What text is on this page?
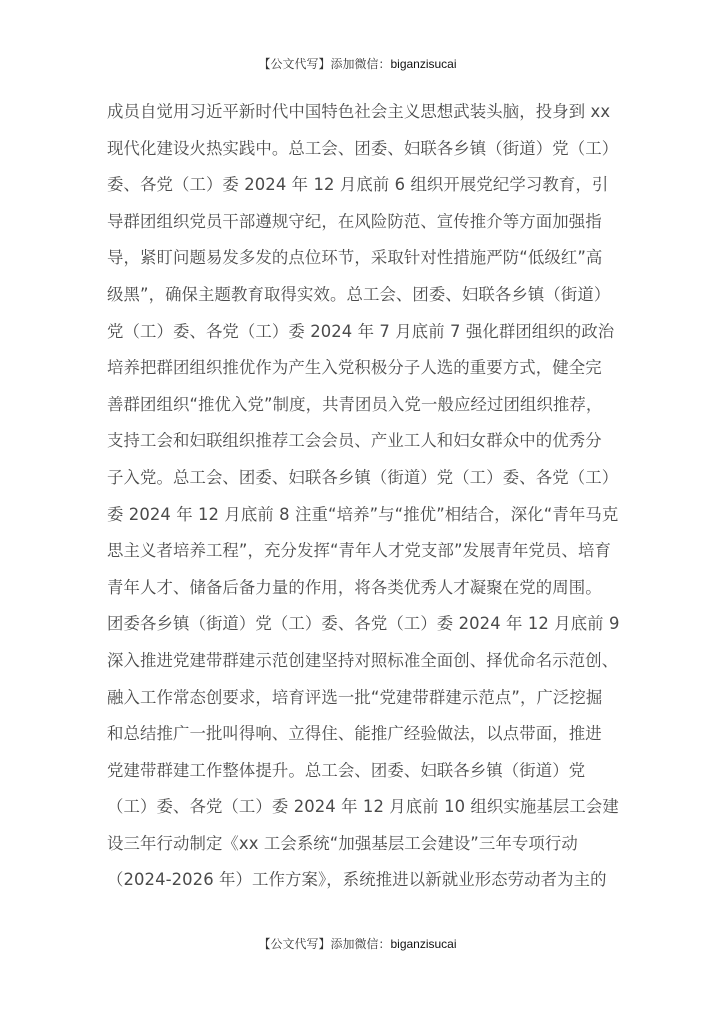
【公文代写】添加微信：biganzisucai
成员自觉用习近平新时代中国特色社会主义思想武装头脑，投身到 xx
现代化建设火热实践中。总工会、团委、妇联各乡镇（街道）党（工）
委、各党（工）委 2024 年 12 月底前 6 组织开展党纪学习教育，引
导群团组织党员干部遵规守纪，在风险防范、宣传推介等方面加强指
导，紧盯问题易发多发的点位环节，采取针对性措施严防“低级红”高
级黑”，确保主题教育取得实效。总工会、团委、妇联各乡镇（街道）
党（工）委、各党（工）委 2024 年 7 月底前 7 强化群团组织的政治
培养把群团组织推优作为产生入党积极分子人选的重要方式，健全完
善群团组织“推优入党”制度，共青团员入党一般应经过团组织推荐，
支持工会和妇联组织推荐工会会员、产业工人和妇女群众中的优秀分
子入党。总工会、团委、妇联各乡镇（街道）党（工）委、各党（工）
委 2024 年 12 月底前 8 注重“培养”与“推优”相结合，深化“青年马克
思主义者培养工程”，充分发挥“青年人才党支部”发展青年党员、培育
青年人才、储备后备力量的作用，将各类优秀人才凝聚在党的周围。
团委各乡镇（街道）党（工）委、各党（工）委 2024 年 12 月底前 9
深入推进党建带群建示范创建坚持对照标准全面创、择优命名示范创、
融入工作常态创要求，培育评选一批“党建带群建示范点”，广泛挖掘
和总结推广一批叫得响、立得住、能推广经验做法，以点带面，推进
党建带群建工作整体提升。总工会、团委、妇联各乡镇（街道）党
（工）委、各党（工）委 2024 年 12 月底前 10 组织实施基层工会建
设三年行动制定《xx 工会系统“加强基层工会建设”三年专项行动
（2024-2026 年）工作方案》，系统推进以新就业形态劳动者为主的
【公文代写】添加微信：biganzisucai
